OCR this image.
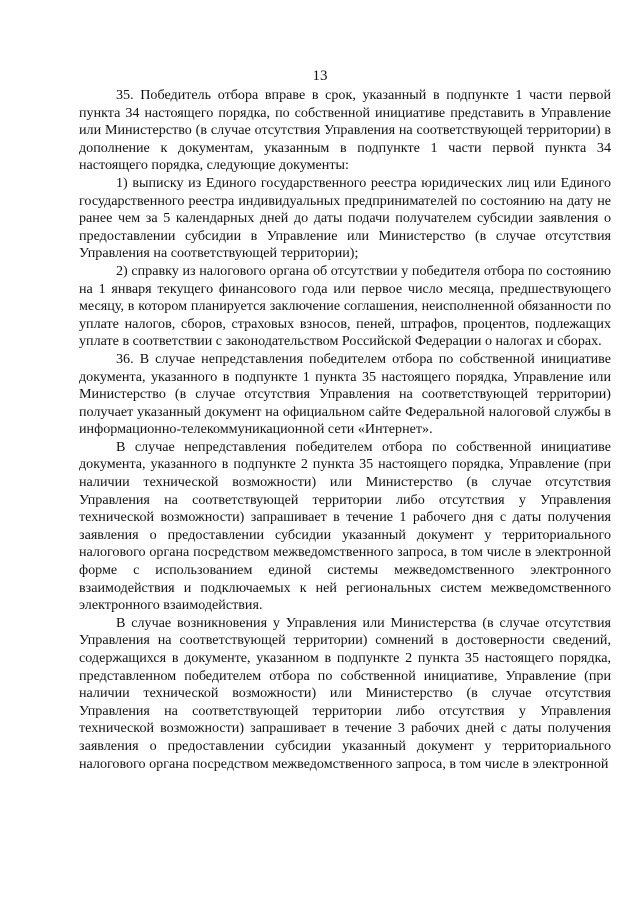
13

35. Победитель отбора вправе в срок, указанный в подпункте 1 части первой пункта 34 настоящего порядка, по собственной инициативе представить в Управление или Министерство (в случае отсутствия Управления на соответствующей территории) в дополнение к документам, указанным в подпункте 1 части первой пункта 34 настоящего порядка, следующие документы:

1) выписку из Единого государственного реестра юридических лиц или Единого государственного реестра индивидуальных предпринимателей по состоянию на дату не ранее чем за 5 календарных дней до даты подачи получателем субсидии заявления о предоставлении субсидии в Управление или Министерство (в случае отсутствия Управления на соответствующей территории);

2) справку из налогового органа об отсутствии у победителя отбора по состоянию на 1 января текущего финансового года или первое число месяца, предшествующего месяцу, в котором планируется заключение соглашения, неисполненной обязанности по уплате налогов, сборов, страховых взносов, пеней, штрафов, процентов, подлежащих уплате в соответствии с законодательством Российской Федерации о налогах и сборах.

36. В случае непредставления победителем отбора по собственной инициативе документа, указанного в подпункте 1 пункта 35 настоящего порядка, Управление или Министерство (в случае отсутствия Управления на соответствующей территории) получает указанный документ на официальном сайте Федеральной налоговой службы в информационно-телекоммуникационной сети «Интернет».

В случае непредставления победителем отбора по собственной инициативе документа, указанного в подпункте 2 пункта 35 настоящего порядка, Управление (при наличии технической возможности) или Министерство (в случае отсутствия Управления на соответствующей территории либо отсутствия у Управления технической возможности) запрашивает в течение 1 рабочего дня с даты получения заявления о предоставлении субсидии указанный документ у территориального налогового органа посредством межведомственного запроса, в том числе в электронной форме с использованием единой системы межведомственного электронного взаимодействия и подключаемых к ней региональных систем межведомственного электронного взаимодействия.

В случае возникновения у Управления или Министерства (в случае отсутствия Управления на соответствующей территории) сомнений в достоверности сведений, содержащихся в документе, указанном в подпункте 2 пункта 35 настоящего порядка, представленном победителем отбора по собственной инициативе, Управление (при наличии технической возможности) или Министерство (в случае отсутствия Управления на соответствующей территории либо отсутствия у Управления технической возможности) запрашивает в течение 3 рабочих дней с даты получения заявления о предоставлении субсидии указанный документ у территориального налогового органа посредством межведомственного запроса, в том числе в электронной
